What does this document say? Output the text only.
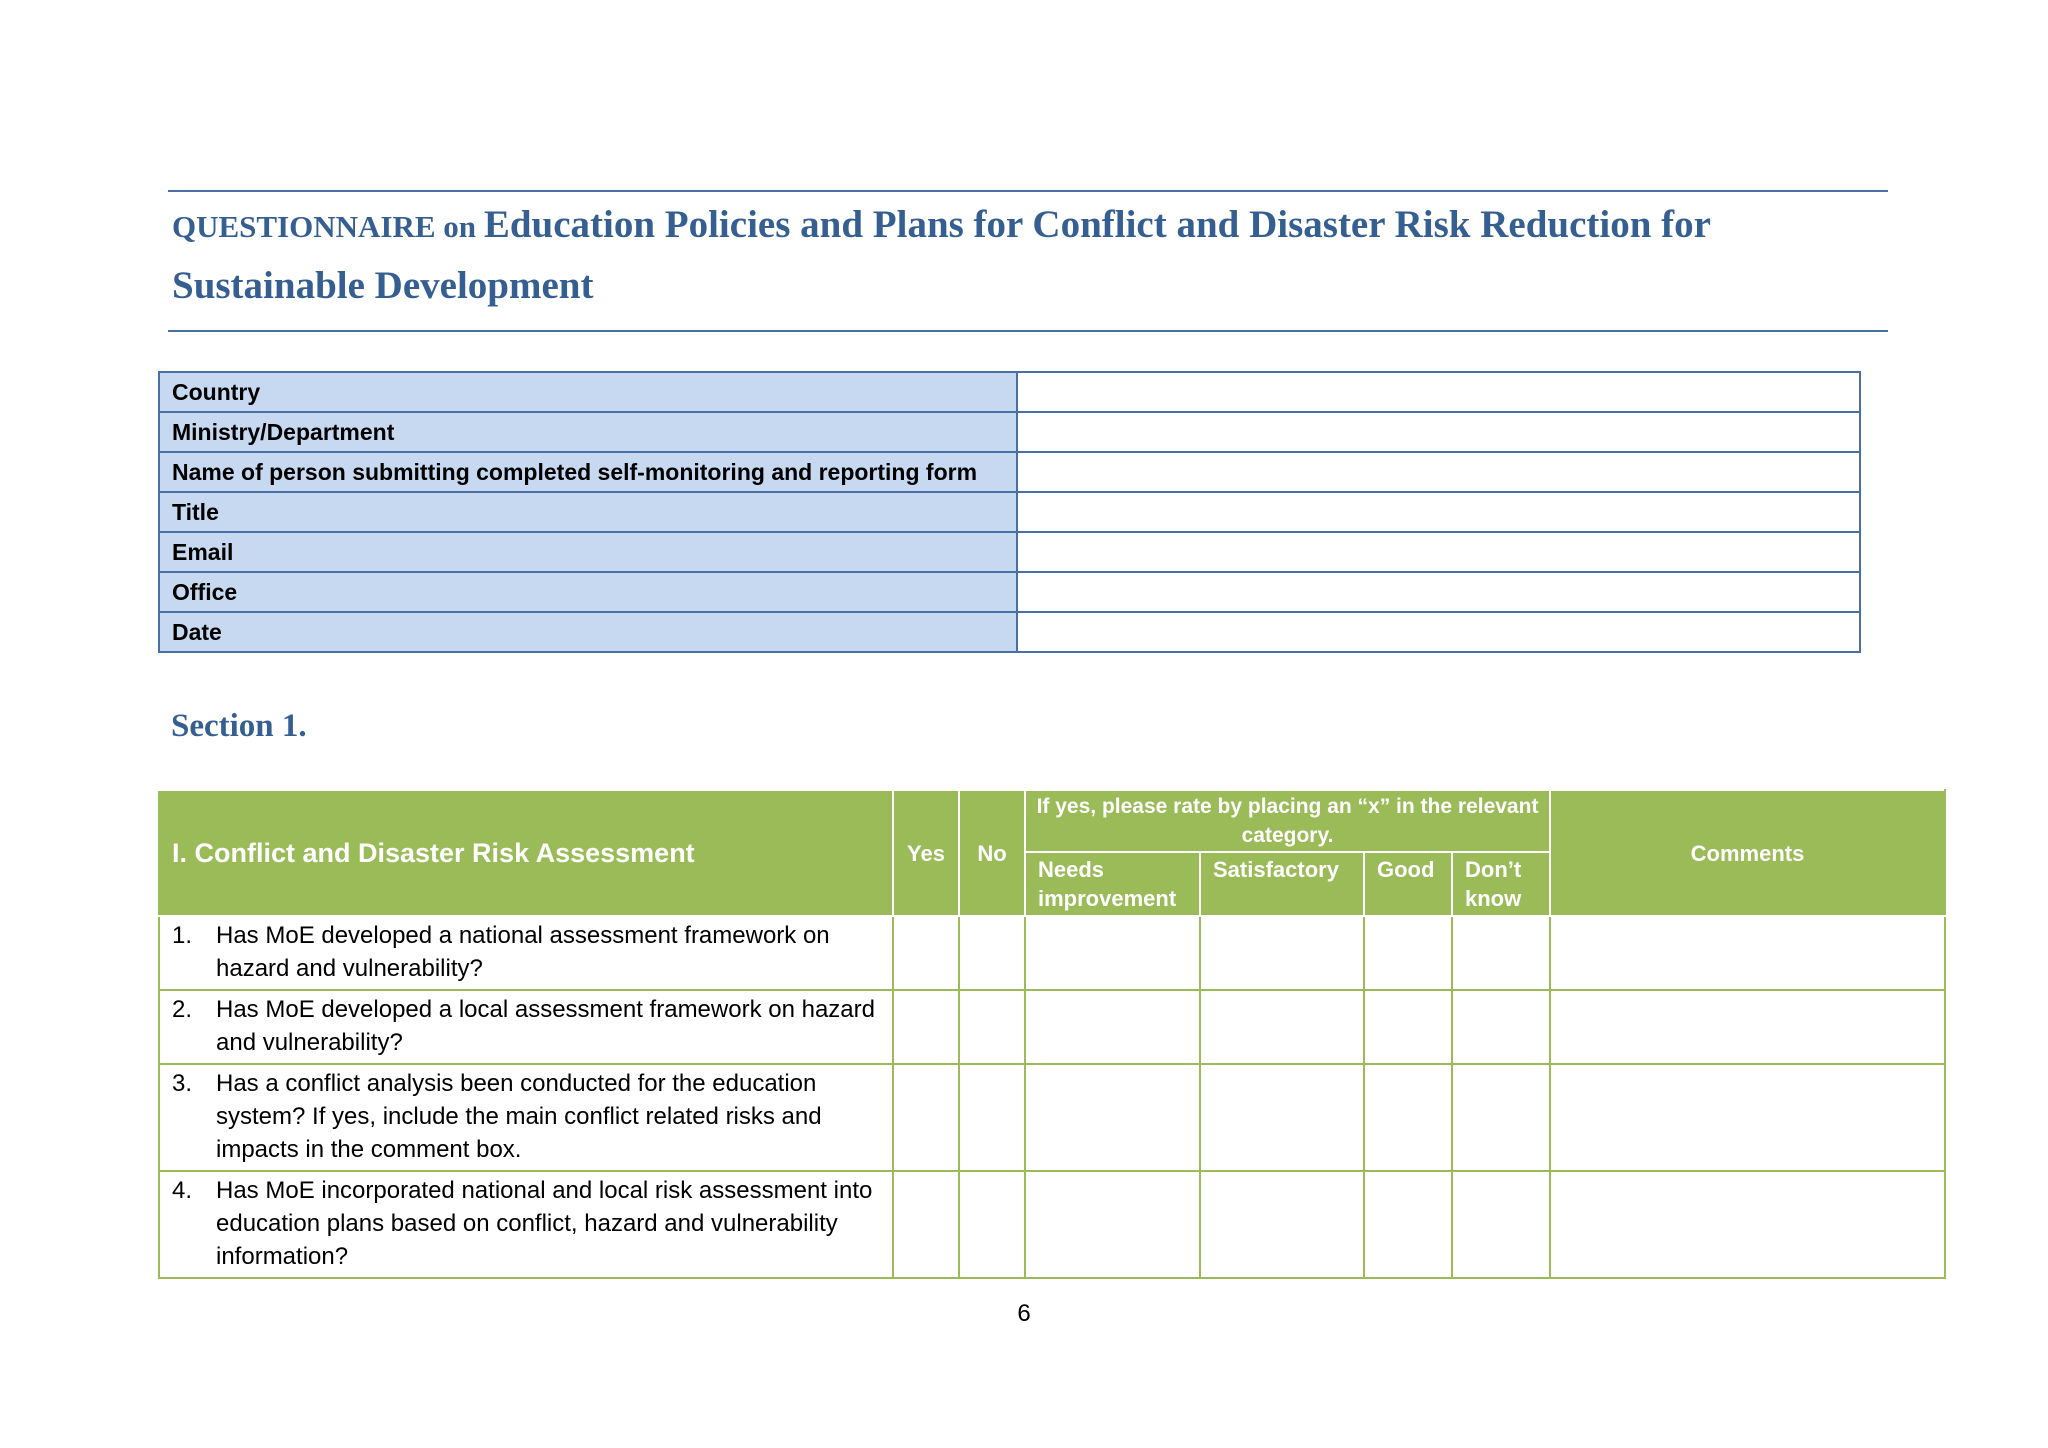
QUESTIONNAIRE on Education Policies and Plans for Conflict and Disaster Risk Reduction for Sustainable Development
Country	
Ministry/Department	
Name of person submitting completed self-monitoring and reporting form	
Title	
Email	
Office	
Date	
Section 1.
I. Conflict and Disaster Risk Assessment	Yes	No	If yes, please rate by placing an “x” in the relevant category.				Comments
			Needs improvement	Satisfactory	Good	Don’t know	

1. Has MoE developed a national assessment framework on hazard and vulnerability?							

2. Has MoE developed a local assessment framework on hazard and vulnerability?							

3. Has a conflict analysis been conducted for the education system? If yes, include the main conflict related risks and impacts in the comment box.							

4. Has MoE incorporated national and local risk assessment into education plans based on conflict, hazard and vulnerability information?							

6
